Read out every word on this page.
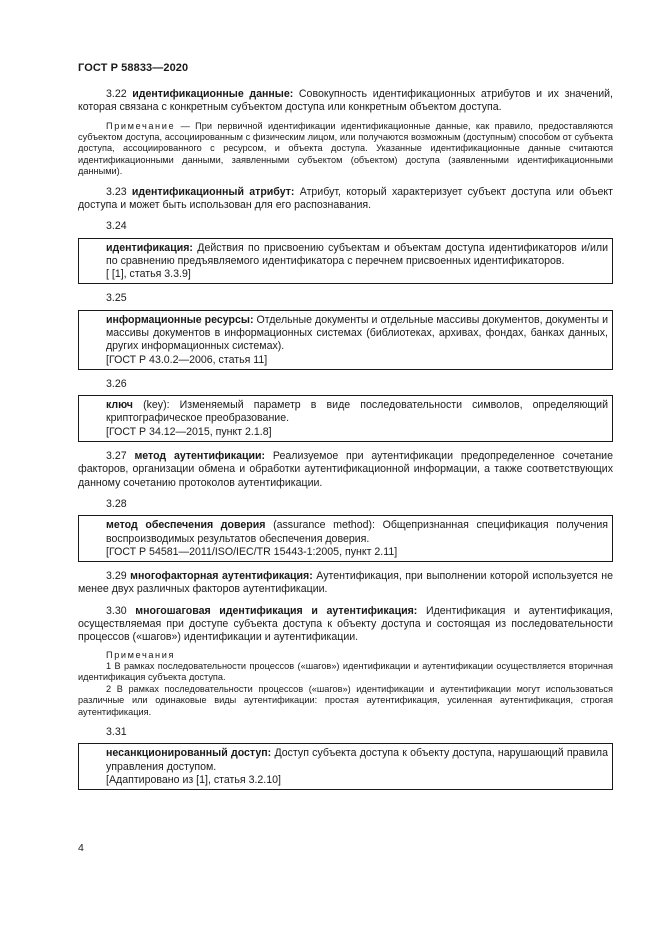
ГОСТ Р 58833—2020

3.22 идентификационные данные: Совокупность идентификационных атрибутов и их значений, которая связана с конкретным субъектом доступа или конкретным объектом доступа.

Примечание — При первичной идентификации идентификационные данные, как правило, предоставляются субъектом доступа, ассоциированным с физическим лицом, или получаются возможным (доступным) способом от субъекта доступа, ассоциированного с ресурсом, и объекта доступа. Указанные идентификационные данные считаются идентификационными данными, заявленными субъектом (объектом) доступа (заявленными идентификационными данными).

3.23 идентификационный атрибут: Атрибут, который характеризует субъект доступа или объект доступа и может быть использован для его распознавания.

3.24

идентификация: Действия по присвоению субъектам и объектам доступа идентификаторов и/или по сравнению предъявляемого идентификатора с перечнем присвоенных идентификаторов.

[ [1], статья 3.3.9]

3.25

информационные ресурсы: Отдельные документы и отдельные массивы документов, документы и массивы документов в информационных системах (библиотеках, архивах, фондах, банках данных, других информационных системах).

[ГОСТ Р 43.0.2—2006, статья 11]

3.26

ключ (key): Изменяемый параметр в виде последовательности символов, определяющий криптографическое преобразование.

[ГОСТ Р 34.12—2015, пункт 2.1.8]

3.27 метод аутентификации: Реализуемое при аутентификации предопределенное сочетание факторов, организации обмена и обработки аутентификационной информации, а также соответствующих данному сочетанию протоколов аутентификации.

3.28

метод обеспечения доверия (assurance method): Общепризнанная спецификация получения воспроизводимых результатов обеспечения доверия.

[ГОСТ Р 54581—2011/ISO/IEC/TR 15443-1:2005, пункт 2.11]

3.29 многофакторная аутентификация: Аутентификация, при выполнении которой используется не менее двух различных факторов аутентификации.

3.30 многошаговая идентификация и аутентификация: Идентификация и аутентификация, осуществляемая при доступе субъекта доступа к объекту доступа и состоящая из последовательности процессов («шагов») идентификации и аутентификации.

Примечания

1 В рамках последовательности процессов («шагов») идентификации и аутентификации осуществляется вторичная идентификация субъекта доступа.

2 В рамках последовательности процессов («шагов») идентификации и аутентификации могут использоваться различные или одинаковые виды аутентификации: простая аутентификация, усиленная аутентификация, строгая аутентификация.

3.31

несанкционированный доступ: Доступ субъекта доступа к объекту доступа, нарушающий правила управления доступом.

[Адаптировано из [1], статья 3.2.10]

4
